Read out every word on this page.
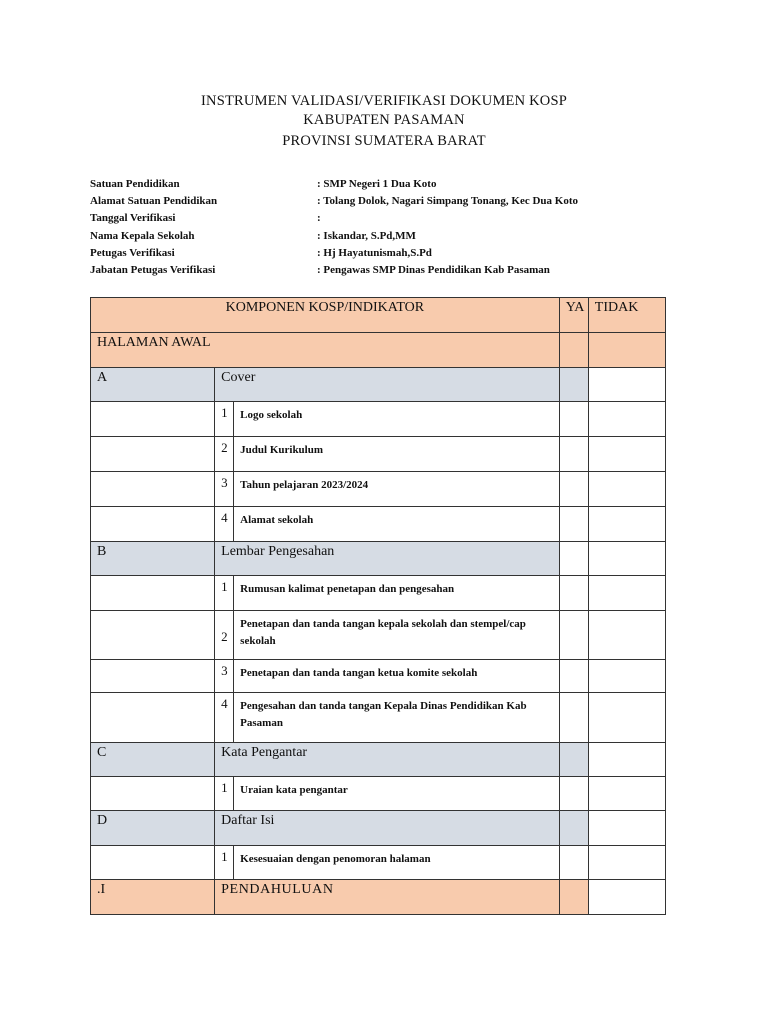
INSTRUMEN VALIDASI/VERIFIKASI DOKUMEN KOSP
KABUPATEN PASAMAN
PROVINSI SUMATERA BARAT
Satuan Pendidikan	: SMP Negeri 1 Dua Koto
Alamat Satuan Pendidikan	: Tolang Dolok, Nagari Simpang Tonang, Kec Dua Koto
Tanggal Verifikasi	:
Nama Kepala Sekolah	: Iskandar, S.Pd,MM
Petugas Verifikasi	: Hj Hayatunismah,S.Pd
Jabatan Petugas Verifikasi	: Pengawas SMP Dinas Pendidikan Kab Pasaman
KOMPONEN KOSP/INDIKATOR			YA	TIDAK
HALAMAN AWAL				
A	Cover			
	1	Logo sekolah		
	2	Judul Kurikulum		
	3	Tahun pelajaran 2023/2024		
	4	Alamat sekolah		
B	Lembar Pengesahan			
	1	Rumusan kalimat penetapan dan pengesahan		
	2	Penetapan dan tanda tangan kepala sekolah dan stempel/cap sekolah		
	3	Penetapan dan tanda tangan ketua komite sekolah		
	4	Pengesahan dan tanda tangan Kepala Dinas Pendidikan Kab Pasaman		
C	Kata Pengantar			
	1	Uraian kata pengantar		
D	Daftar Isi			
	1	Kesesuaian dengan penomoran halaman		
.I	PENDAHULUAN			
